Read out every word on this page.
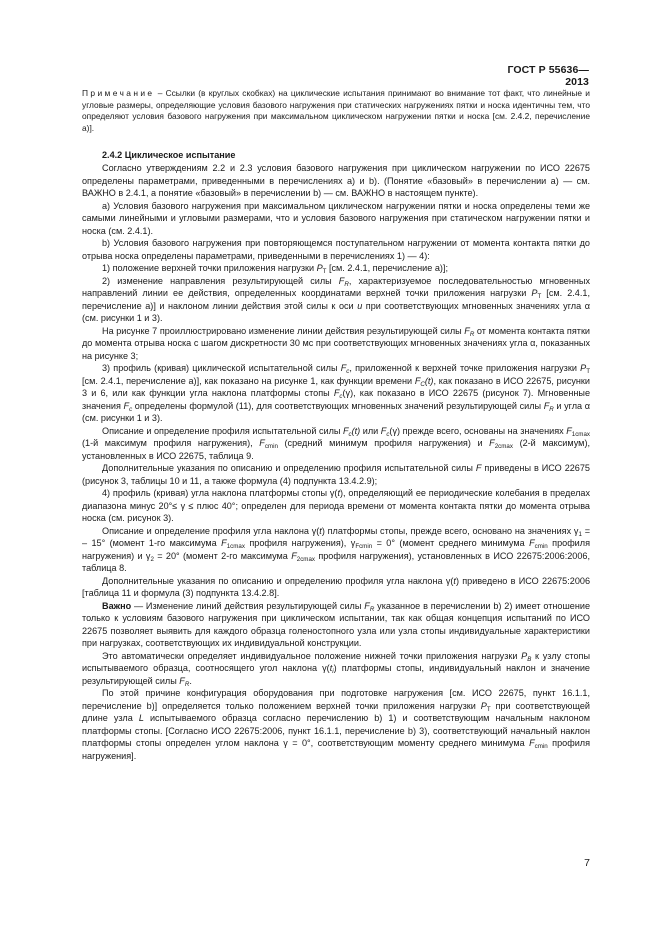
ГОСТ Р 55636—2013

Примечание – Ссылки (в круглых скобках) на циклические испытания принимают во внимание тот факт, что линейные и угловые размеры, определяющие условия базового нагружения при статических нагружениях пятки и носка идентичны тем, что определяют условия базового нагружения при максимальном циклическом нагружении пятки и носка [см. 2.4.2, перечисление а)].

2.4.2 Циклическое испытание

Согласно утверждениям 2.2 и 2.3 условия базового нагружения при циклическом нагружении по ИСО 22675 определены параметрами, приведенными в перечислениях а) и b). (Понятие «базовый» в перечислении а) — см. ВАЖНО в 2.4.1, а понятие «базовый» в перечислении b) — см. ВАЖНО в настоящем пункте).

а) Условия базового нагружения при максимальном циклическом нагружении пятки и носка определены теми же самыми линейными и угловыми размерами, что и условия базового нагружения при статическом нагружении пятки и носка (см. 2.4.1).

b) Условия базового нагружения при повторяющемся поступательном нагружении от момента контакта пятки до отрыва носка определены параметрами, приведенными в перечислениях 1) — 4):

1) положение верхней точки приложения нагрузки $P_T$ [см. 2.4.1, перечисление а)];

2) изменение направления результирующей силы $F_R$, характеризуемое последовательностью мгновенных направлений линии ее действия, определенных координатами верхней точки приложения нагрузки $P_T$ [см. 2.4.1, перечисление а)] и наклоном линии действия этой силы к оси u при соответствующих мгновенных значениях угла α (см. рисунки 1 и 3).

На рисунке 7 проиллюстрировано изменение линии действия результирующей силы $F_R$ от момента контакта пятки до момента отрыва носка с шагом дискретности 30 мс при соответствующих мгновенных значениях угла α, показанных на рисунке 3;

3) профиль (кривая) циклической испытательной силы $F_c$, приложенной к верхней точке приложения нагрузки $P_T$ [см. 2.4.1, перечисление а)], как показано на рисунке 1, как функции времени $F_C(t)$, как показано в ИСО 22675, рисунки 3 и 6, или как функции угла наклона платформы стопы $F_c(\gamma)$, как показано в ИСО 22675 (рисунок 7). Мгновенные значения $F_c$ определены формулой (11), для соответствующих мгновенных значений результирующей силы $F_R$ и угла α (см. рисунки 1 и 3).

Описание и определение профиля испытательной силы $F_c(t)$ или $F_c(\gamma)$ прежде всего, основаны на значениях $F_{1cmax}$ (1-й максимум профиля нагружения), $F_{cmin}$ (средний минимум профиля нагружения) и $F_{2cmax}$ (2-й максимум), установленных в ИСО 22675, таблица 9.

Дополнительные указания по описанию и определению профиля испытательной силы F приведены в ИСО 22675 (рисунок 3, таблицы 10 и 11, а также формула (4) подпункта 13.4.2.9);

4) профиль (кривая) угла наклона платформы стопы γ(t), определяющий ее периодические колебания в пределах диапазона минус 20°≤ γ ≤ плюс 40°; определен для периода времени от момента контакта пятки до момента отрыва носка (см. рисунок 3).

Описание и определение профиля угла наклона γ(t) платформы стопы, прежде всего, основано на значениях $\gamma_1$ = – 15° (момент 1-го максимума $F_{1cmax}$ профиля нагружения), $\gamma_{Fcmin} = 0^\circ$ (момент среднего минимума $F_{cmin}$ профиля нагружения) и $\gamma_2 = 20^\circ$ (момент 2-го максимума $F_{2cmax}$ профиля нагружения), установленных в ИСО 22675:2006:2006, таблица 8.

Дополнительные указания по описанию и определению профиля угла наклона γ(t) приведено в ИСО 22675:2006 [таблица 11 и формула (3) подпункта 13.4.2.8].

Важно — Изменение линий действия результирующей силы $F_R$ указанное в перечислении b) 2) имеет отношение только к условиям базового нагружения при циклическом испытании, так как общая концепция испытаний по ИСО 22675 позволяет выявить для каждого образца голеностопного узла или узла стопы индивидуальные характеристики при нагрузках, соответствующих их индивидуальной конструкции.

Это автоматически определяет индивидуальное положение нижней точки приложения нагрузки $P_B$ к узлу стопы испытываемого образца, соотносящего угол наклона $\gamma(t_i)$ платформы стопы, индивидуальный наклон и значение результирующей силы $F_R$.

По этой причине конфигурация оборудования при подготовке нагружения [см. ИСО 22675, пункт 16.1.1, перечисление b)] определяется только положением верхней точки приложения нагрузки $P_T$ при соответствующей длине узла L испытываемого образца согласно перечислению b) 1) и соответствующим начальным наклоном платформы стопы. [Согласно ИСО 22675:2006, пункт 16.1.1, перечисление b) 3), соответствующий начальный наклон платформы стопы определен углом наклона γ = 0°, соответствующим моменту среднего минимума $F_{cmin}$ профиля нагружения].

7
